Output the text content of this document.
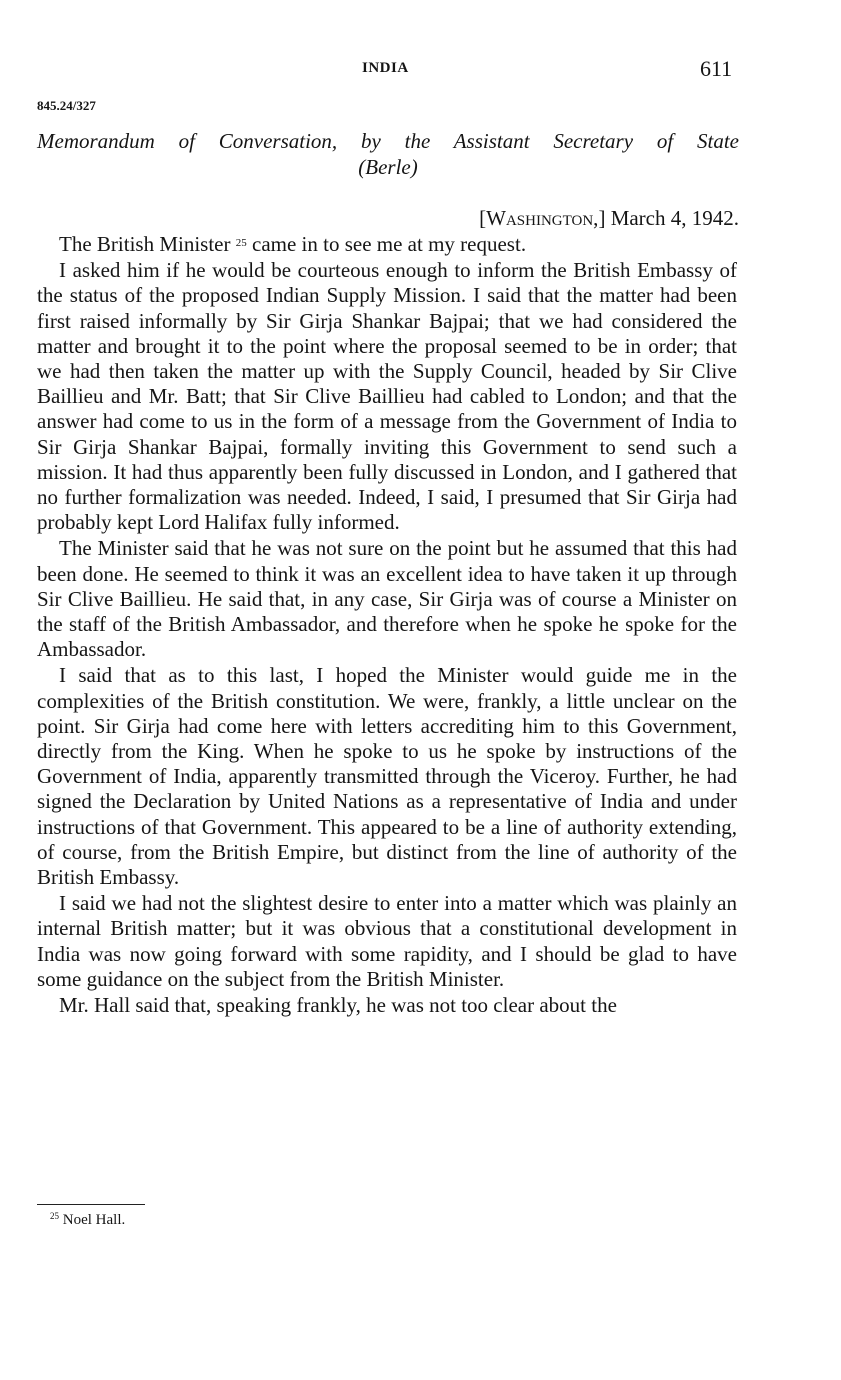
INDIA	611
845.24/327
Memorandum of Conversation, by the Assistant Secretary of State
(Berle)
[Washington,] March 4, 1942.

The British Minister $^{25}$ came in to see me at my request.

I asked him if he would be courteous enough to inform the British Embassy of the status of the proposed Indian Supply Mission. I said that the matter had been first raised informally by Sir Girja Shankar Bajpai; that we had considered the matter and brought it to the point where the proposal seemed to be in order; that we had then taken the matter up with the Supply Council, headed by Sir Clive Baillieu and Mr. Batt; that Sir Clive Baillieu had cabled to London; and that the answer had come to us in the form of a message from the Government of India to Sir Girja Shankar Bajpai, formally inviting this Government to send such a mission. It had thus apparently been fully discussed in London, and I gathered that no further formalization was needed. Indeed, I said, I presumed that Sir Girja had probably kept Lord Halifax fully informed.

The Minister said that he was not sure on the point but he assumed that this had been done. He seemed to think it was an excellent idea to have taken it up through Sir Clive Baillieu. He said that, in any case, Sir Girja was of course a Minister on the staff of the British Ambassador, and therefore when he spoke he spoke for the Ambassador.

I said that as to this last, I hoped the Minister would guide me in the complexities of the British constitution. We were, frankly, a little unclear on the point. Sir Girja had come here with letters accrediting him to this Government, directly from the King. When he spoke to us he spoke by instructions of the Government of India, apparently transmitted through the Viceroy. Further, he had signed the Declaration by United Nations as a representative of India and under instructions of that Government. This appeared to be a line of authority extending, of course, from the British Empire, but distinct from the line of authority of the British Embassy.

I said we had not the slightest desire to enter into a matter which was plainly an internal British matter; but it was obvious that a constitutional development in India was now going forward with some rapidity, and I should be glad to have some guidance on the subject from the British Minister.

Mr. Hall said that, speaking frankly, he was not too clear about the

$^{25}$ Noel Hall.
